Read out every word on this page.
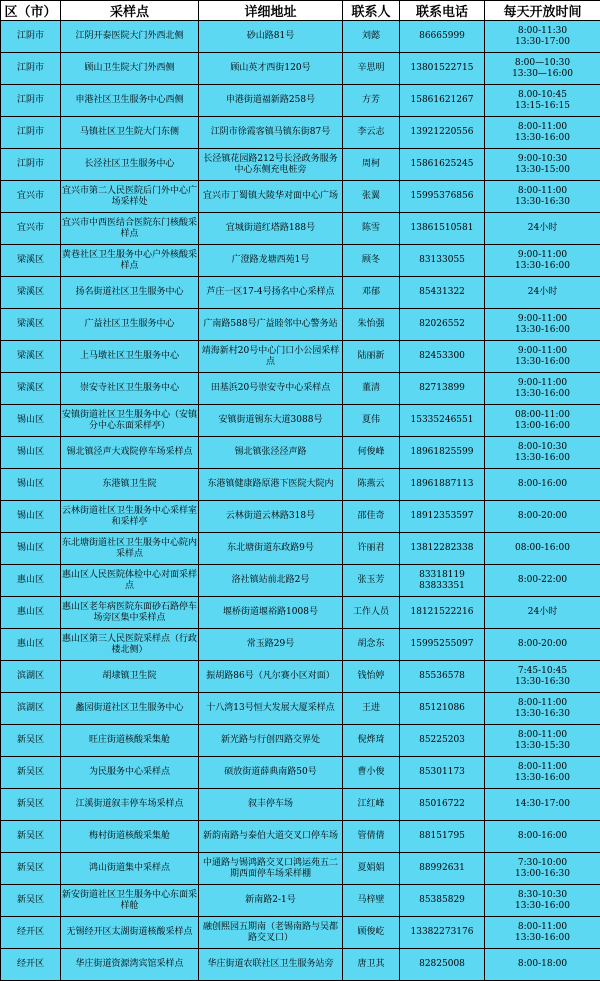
区（市）	采样点	详细地址	联系人	联系电话	每天开放时间
江阴市	江阴开泰医院大门外西北侧	砂山路81号	刘懿	86665999	8:00-11:30
13:30-17:00

江阴市	顾山卫生院大门外西侧	顾山英才西街120号	辛思明	13801522715	8:00—10:30
13:30—16:00

江阴市	申港社区卫生服务中心西侧	申港街道福新路258号	方芳	15861621267	8.00-10:45
13:15-16:15

江阴市	马镇社区卫生院大门东侧	江阴市徐霞客镇马镇东街87号	李云志	13921220556	8:00-11:00
13:30-16:00

江阴市	长泾社区卫生服务中心	长泾镇花园路212号长泾政务服务中心东侧充电桩旁	周柯	15861625245	9:00-10:30
13:30-15:00

宜兴市	宜兴市第二人民医院后门外中心广场采样处	宜兴市丁蜀镇大陵华对面中心广场	张翼	15995376856	8:00-11:00
13:30-16:30

宜兴市	宜兴市中西医结合医院东门核酸采样点	宜城街道红塔路188号	陈雪	13861510581	24小时

梁溪区	黄巷社区卫生服务中心户外核酸采样点	广澄路龙塘西苑1号	顾冬	83133055	9:00-11:00
13:30-16:00

梁溪区	扬名街道社区卫生服务中心	芦庄一区17-4号扬名中心采样点	邓郁	85431322	24小时

梁溪区	广益社区卫生服务中心	广南路588号广益睦邻中心警务站	朱怡强	82026552	9:00-11:00
13:30-16:00

梁溪区	上马墩社区卫生服务中心	靖海新村20号中心门口小公园采样点	陆丽新	82453300	9:00-11:00
13:30-16:00

梁溪区	崇安寺社区卫生服务中心	田基浜20号崇安寺中心采样点	董清	82713899	9:00-11:00
13:30-16:00

锡山区	安镇街道社区卫生服务中心（安镇分中心东面采样亭）	安镇街道锡东大道3088号	夏伟	15335246551	08:00-11:00
13:00-16:00

锡山区	锡北镇泾声大戏院停车场采样点	锡北镇张泾泾声路	何俊峰	18961825599	8:00-10:30
13:30-16:00

锡山区	东港镇卫生院	东港镇健康路原港下医院大院内	陈燕云	18961887113	8:00-16:00

锡山区	云林街道社区卫生服务中心采样室和采样亭	云林街道云林路318号	邵佳奇	18912353597	8:00-20:00

锡山区	东北塘街道社区卫生服务中心院内采样点	东北塘街道东政路9号	许丽君	13812282338	08:00-16:00

惠山区	惠山区人民医院体检中心对面采样点	洛社镇站前北路2号	张玉芳	83318119
83833351	8:00-22:00

惠山区	惠山区老年病医院东面砂石路停车场旁区集中采样点	堰桥街道堰裕路1008号	工作人员	18121522216	24小时

惠山区	惠山区第三人民医院采样点（行政楼北侧）	常玉路29号	胡念东	15995255097	8:00-20:00

滨湖区	胡埭镇卫生院	振胡路86号（凡尔赛小区对面）	钱怡婷	85536578	7:45-10:45
13:30-16:30

滨湖区	蠡园街道社区卫生服务中心	十八湾13号恒大发展大厦采样点	王进	85121086	8:00-11:00
13:30-16:30

新吴区	旺庄街道核酸采集舱	新光路与行创四路交界处	倪烨琦	85225203	8:00-11:00
13:30-15:30

新吴区	为民服务中心采样点	硕放街道薛典南路50号	曹小俊	85301173	8:00-11:00
13:30-16:00

新吴区	江溪街道叙丰停车场采样点	叙丰停车场	江红峰	85016722	14:30-17:00

新吴区	梅村街道核酸采集舱	新韵南路与泰伯大道交叉口停车场	管倩倩	88151795	8:00-16:00

新吴区	鸿山街道集中采样点	中通路与锡鸿路交叉口鸿运苑五二期西面停车场采样棚	夏娟娟	88992631	7:30-10:00
13:00-16:30

新吴区	新安街道社区卫生服务中心东面采样舱	新南路2-1号	马梓壁	85385829	8:30-10:30
13:30-16:00

经开区	无锡经开区太湖街道核酸采样点	融创熙园五期南（老锡南路与吴都路交叉口）	顾俊屹	13382273176	8:00-11:00
13:30-16:00

经开区	华庄街道资源湾宾馆采样点	华庄街道农联社区卫生服务站旁	唐卫其	82825008	8:00-18:00
